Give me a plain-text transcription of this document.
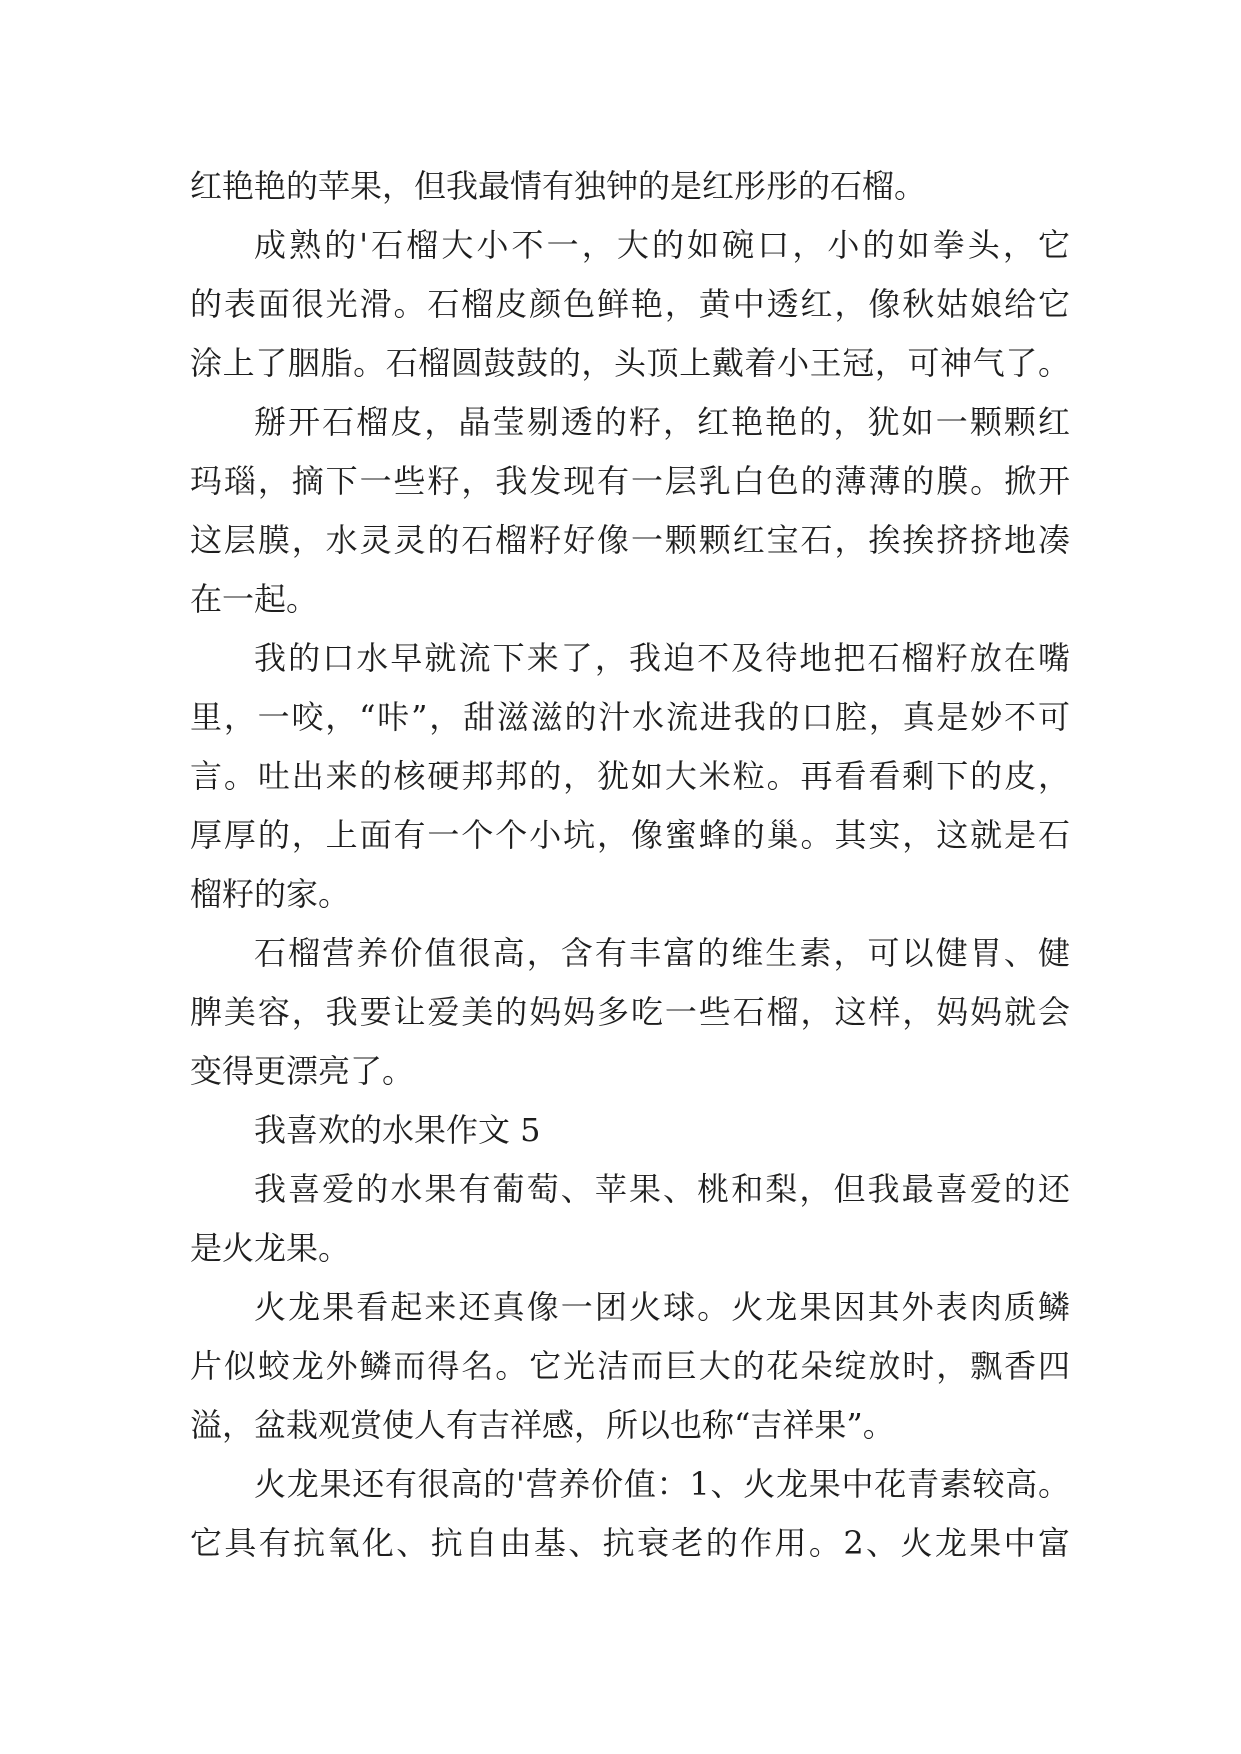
红艳艳的苹果，但我最情有独钟的是红彤彤的石榴。
成熟的'石榴大小不一，大的如碗口，小的如拳头，它
的表面很光滑。石榴皮颜色鲜艳，黄中透红，像秋姑娘给它
涂上了胭脂。石榴圆鼓鼓的，头顶上戴着小王冠，可神气了。
掰开石榴皮，晶莹剔透的籽，红艳艳的，犹如一颗颗红
玛瑙，摘下一些籽，我发现有一层乳白色的薄薄的膜。掀开
这层膜，水灵灵的石榴籽好像一颗颗红宝石，挨挨挤挤地凑
在一起。
我的口水早就流下来了，我迫不及待地把石榴籽放在嘴
里，一咬，“咔”，甜滋滋的汁水流进我的口腔，真是妙不可
言。吐出来的核硬邦邦的，犹如大米粒。再看看剩下的皮，
厚厚的，上面有一个个小坑，像蜜蜂的巢。其实，这就是石
榴籽的家。
石榴营养价值很高，含有丰富的维生素，可以健胃、健
脾美容，我要让爱美的妈妈多吃一些石榴，这样，妈妈就会
变得更漂亮了。
我喜欢的水果作文 5
我喜爱的水果有葡萄、苹果、桃和梨，但我最喜爱的还
是火龙果。
火龙果看起来还真像一团火球。火龙果因其外表肉质鳞
片似蛟龙外鳞而得名。它光洁而巨大的花朵绽放时，飘香四
溢，盆栽观赏使人有吉祥感，所以也称“吉祥果”。
火龙果还有很高的'营养价值：1、火龙果中花青素较高。
它具有抗氧化、抗自由基、抗衰老的作用。2、火龙果中富
